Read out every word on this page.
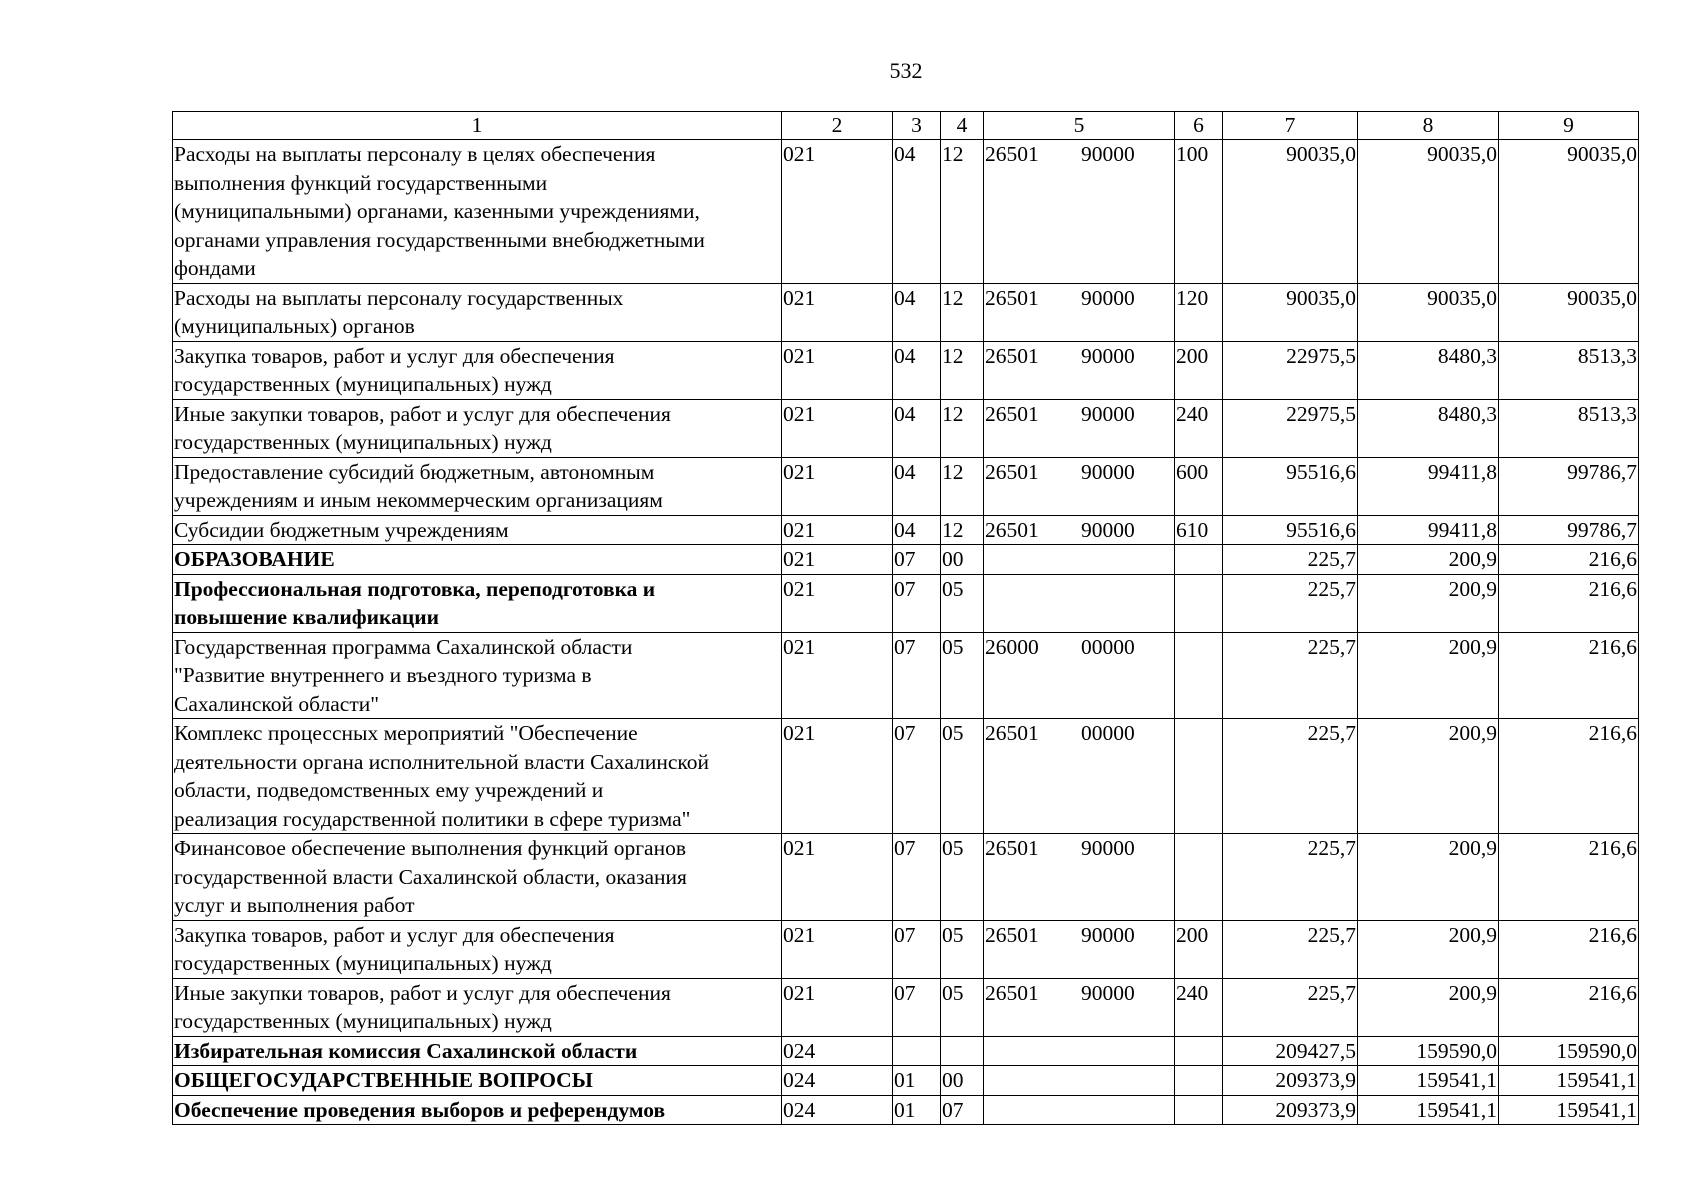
532
1	2	3	4	5	6	7	8	9
Расходы на выплаты персоналу в целях обеспечения
выполнения функций государственными
(муниципальными) органами, казенными учреждениями,
органами управления государственными внебюджетными
фондами	021	04	12	26501 90000	100	90035,0	90035,0	90035,0
Расходы на выплаты персоналу государственных
(муниципальных) органов	021	04	12	26501 90000	120	90035,0	90035,0	90035,0
Закупка товаров, работ и услуг для обеспечения
государственных (муниципальных) нужд	021	04	12	26501 90000	200	22975,5	8480,3	8513,3
Иные закупки товаров, работ и услуг для обеспечения
государственных (муниципальных) нужд	021	04	12	26501 90000	240	22975,5	8480,3	8513,3
Предоставление субсидий бюджетным, автономным
учреждениям и иным некоммерческим организациям	021	04	12	26501 90000	600	95516,6	99411,8	99786,7
Субсидии бюджетным учреждениям	021	04	12	26501 90000	610	95516,6	99411,8	99786,7
ОБРАЗОВАНИЕ	021	07	00			225,7	200,9	216,6
Профессиональная подготовка, переподготовка и
повышение квалификации	021	07	05			225,7	200,9	216,6
Государственная программа Сахалинской области
"Развитие внутреннего и въездного туризма в
Сахалинской области"	021	07	05	26000 00000		225,7	200,9	216,6
Комплекс процессных мероприятий "Обеспечение
деятельности органа исполнительной власти Сахалинской
области, подведомственных ему учреждений и
реализация государственной политики в сфере туризма"	021	07	05	26501 00000		225,7	200,9	216,6
Финансовое обеспечение выполнения функций органов
государственной власти Сахалинской области, оказания
услуг и выполнения работ	021	07	05	26501 90000		225,7	200,9	216,6
Закупка товаров, работ и услуг для обеспечения
государственных (муниципальных) нужд	021	07	05	26501 90000	200	225,7	200,9	216,6
Иные закупки товаров, работ и услуг для обеспечения
государственных (муниципальных) нужд	021	07	05	26501 90000	240	225,7	200,9	216,6
Избирательная комиссия Сахалинской области	024					209427,5	159590,0	159590,0
ОБЩЕГОСУДАРСТВЕННЫЕ ВОПРОСЫ	024	01	00			209373,9	159541,1	159541,1
Обеспечение проведения выборов и референдумов	024	01	07			209373,9	159541,1	159541,1
